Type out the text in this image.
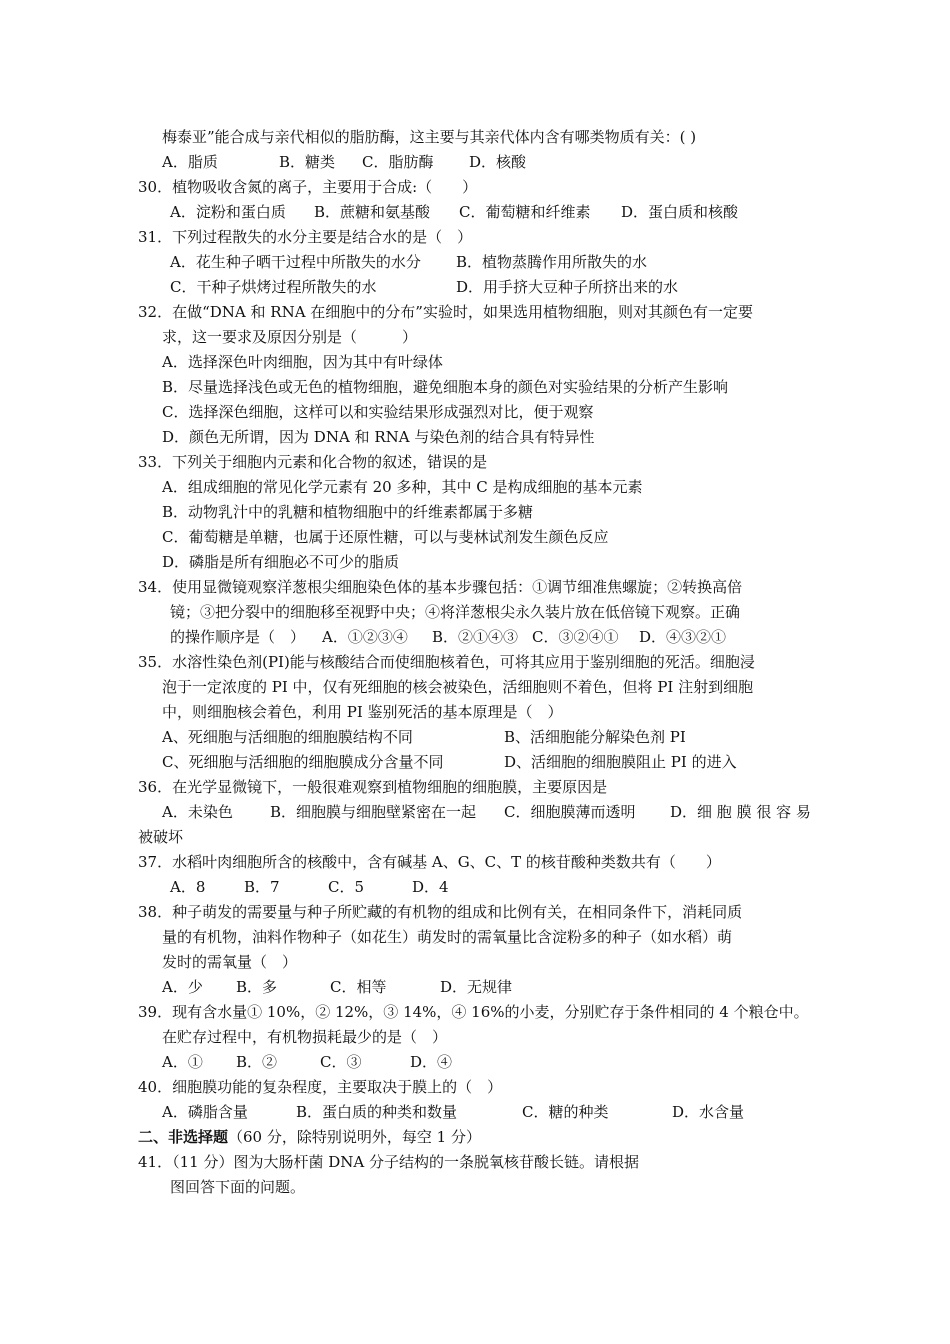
梅泰亚”能合成与亲代相似的脂肪酶，这主要与其亲代体内含有哪类物质有关：( )
A．脂质	B．糖类	C．脂肪酶	D．核酸
30．植物吸收含氮的离子，主要用于合成:（　　）
A．淀粉和蛋白质	B．蔗糖和氨基酸	C．葡萄糖和纤维素	D．蛋白质和核酸
31．下列过程散失的水分主要是结合水的是（　）
A．花生种子晒干过程中所散失的水分	B．植物蒸腾作用所散失的水
C．干种子烘烤过程所散失的水	D．用手挤大豆种子所挤出来的水
32．在做“DNA 和 RNA 在细胞中的分布”实验时，如果选用植物细胞，则对其颜色有一定要
求，这一要求及原因分别是（　　　）
A．选择深色叶肉细胞，因为其中有叶绿体
B．尽量选择浅色或无色的植物细胞，避免细胞本身的颜色对实验结果的分析产生影响
C．选择深色细胞，这样可以和实验结果形成强烈对比，便于观察
D．颜色无所谓，因为 DNA 和 RNA 与染色剂的结合具有特异性
33．下列关于细胞内元素和化合物的叙述，错误的是
A．组成细胞的常见化学元素有 20 多种，其中 C 是构成细胞的基本元素
B．动物乳汁中的乳糖和植物细胞中的纤维素都属于多糖
C．葡萄糖是单糖，也属于还原性糖，可以与斐林试剂发生颜色反应
D．磷脂是所有细胞必不可少的脂质
34．使用显微镜观察洋葱根尖细胞染色体的基本步骤包括：①调节细准焦螺旋；②转换高倍
镜；③把分裂中的细胞移至视野中央；④将洋葱根尖永久装片放在低倍镜下观察。正确
的操作顺序是（　）	A．①②③④	B．②①④③ C．③②④①	D．④③②①
35．水溶性染色剂(PI)能与核酸结合而使细胞核着色，可将其应用于鉴别细胞的死活。细胞浸
泡于一定浓度的 PI 中，仅有死细胞的核会被染色，活细胞则不着色，但将 PI 注射到细胞
中，则细胞核会着色，利用 PI 鉴别死活的基本原理是（　）
A、死细胞与活细胞的细胞膜结构不同	B、活细胞能分解染色剂 PI
C、死细胞与活细胞的细胞膜成分含量不同	D、活细胞的细胞膜阻止 PI 的进入
36．在光学显微镜下，一般很难观察到植物细胞的细胞膜，主要原因是
A．未染色	B．细胞膜与细胞壁紧密在一起	C．细胞膜薄而透明	D．细 胞 膜 很 容 易
被破坏
37．水稻叶肉细胞所含的核酸中，含有碱基 A、G、C、T 的核苷酸种类数共有（　　）
A．8	B．7	C．5	D．4
38．种子萌发的需要量与种子所贮藏的有机物的组成和比例有关，在相同条件下，消耗同质
量的有机物，油料作物种子（如花生）萌发时的需氧量比含淀粉多的种子（如水稻）萌
发时的需氧量（　）
A．少	B．多	C．相等	D．无规律
39．现有含水量① 10%，② 12%，③ 14%，④ 16%的小麦，分别贮存于条件相同的 4 个粮仓中。
在贮存过程中，有机物损耗最少的是（　）
A．①	B．②	C．③	D．④
40．细胞膜功能的复杂程度，主要取决于膜上的（　）
A．磷脂含量	B．蛋白质的种类和数量	C．糖的种类	D．水含量
二、非选择题（60 分，除特别说明外，每空 1 分）
41．（11 分）图为大肠杆菌 DNA 分子结构的一条脱氧核苷酸长链。请根据
图回答下面的问题。
